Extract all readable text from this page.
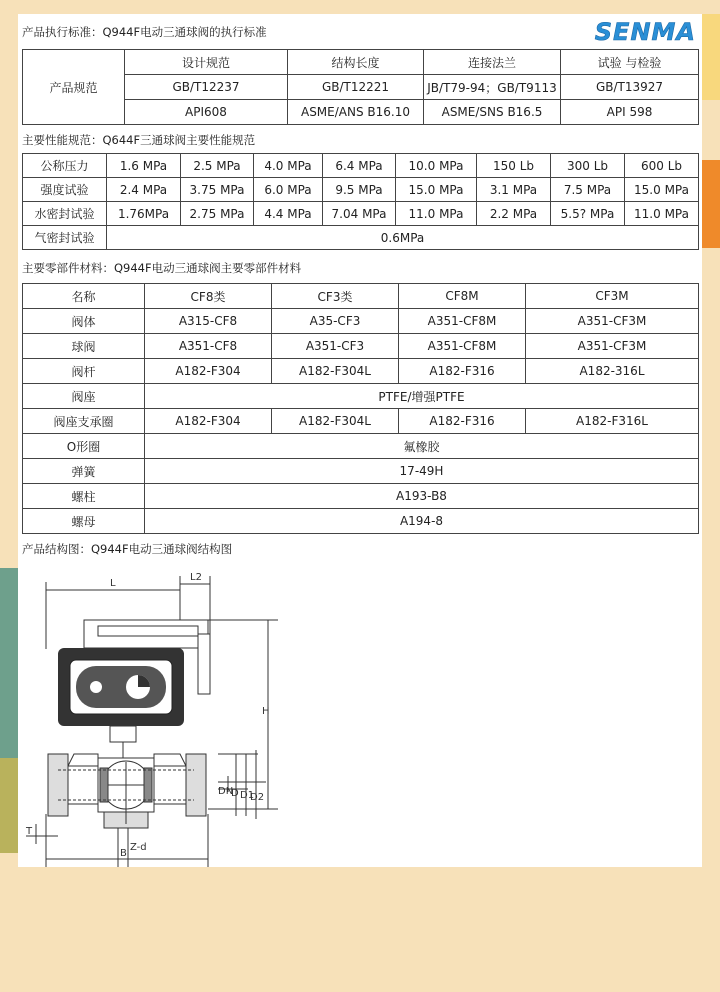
产品执行标准：Q944F电动三通球阀的执行标准	SENMA
产品规范	设计规范	结构长度	连接法兰	试验 与检验
	GB/T12237	GB/T12221	JB/T79-94；GB/T9113	GB/T13927
	API608	ASME/ANS B16.10	ASME/SNS B16.5	API 598
主要性能规范：Q644F三通球阀主要性能规范
公称压力	1.6 MPa	2.5 MPa	4.0 MPa	6.4 MPa	10.0 MPa	150 Lb	300 Lb	600 Lb
强度试验	2.4 MPa	3.75 MPa	6.0 MPa	9.5 MPa	15.0 MPa	3.1 MPa	7.5 MPa	15.0 MPa
水密封试验	1.76MPa	2.75 MPa	4.4 MPa	7.04 MPa	11.0 MPa	2.2 MPa	5.5? MPa	11.0 MPa
气密封试验	0.6MPa							
主要零部件材料：Q944F电动三通球阀主要零部件材料
名称	CF8类	CF3类	CF8M	CF3M
阀体	A315-CF8	A35-CF3	A351-CF8M	A351-CF3M
球阀	A351-CF8	A351-CF3	A351-CF8M	A351-CF3M
阀杆	A182-F304	A182-F304L	A182-F316	A182-316L
阀座	PTFE/增强PTFE			
阀座支承圈	A182-F304	A182-F304L	A182-F316	A182-F316L
O形圈	氟橡胶			
弹簧	17-49H			
螺柱	A193-B8			
螺母	A194-8			
产品结构图：Q944F电动三通球阀结构图
L
L2
H
DN
D D1
D2
T
B
Z-d
